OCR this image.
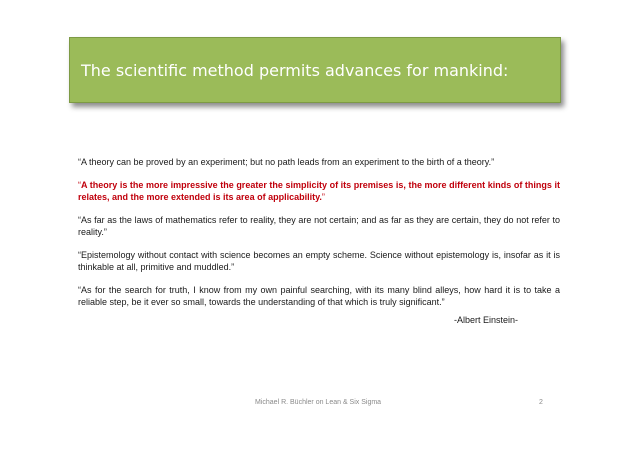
The scientific method permits advances for mankind:

“A theory can be proved by an experiment; but no path leads from an experiment to the birth of a theory.”

“A theory is the more impressive the greater the simplicity of its premises is, the more different kinds of things it relates, and the more extended is its area of applicability.”

“As far as the laws of mathematics refer to reality, they are not certain; and as far as they are certain, they do not refer to reality.”

“Epistemology without contact with science becomes an empty scheme. Science without epistemology is, insofar as it is thinkable at all, primitive and muddled.”

“As for the search for truth, I know from my own painful searching, with its many blind alleys, how hard it is to take a reliable step, be it ever so small, towards the understanding of that which is truly significant.”

-Albert Einstein-
Michael R. Büchler on Lean & Six Sigma	2
